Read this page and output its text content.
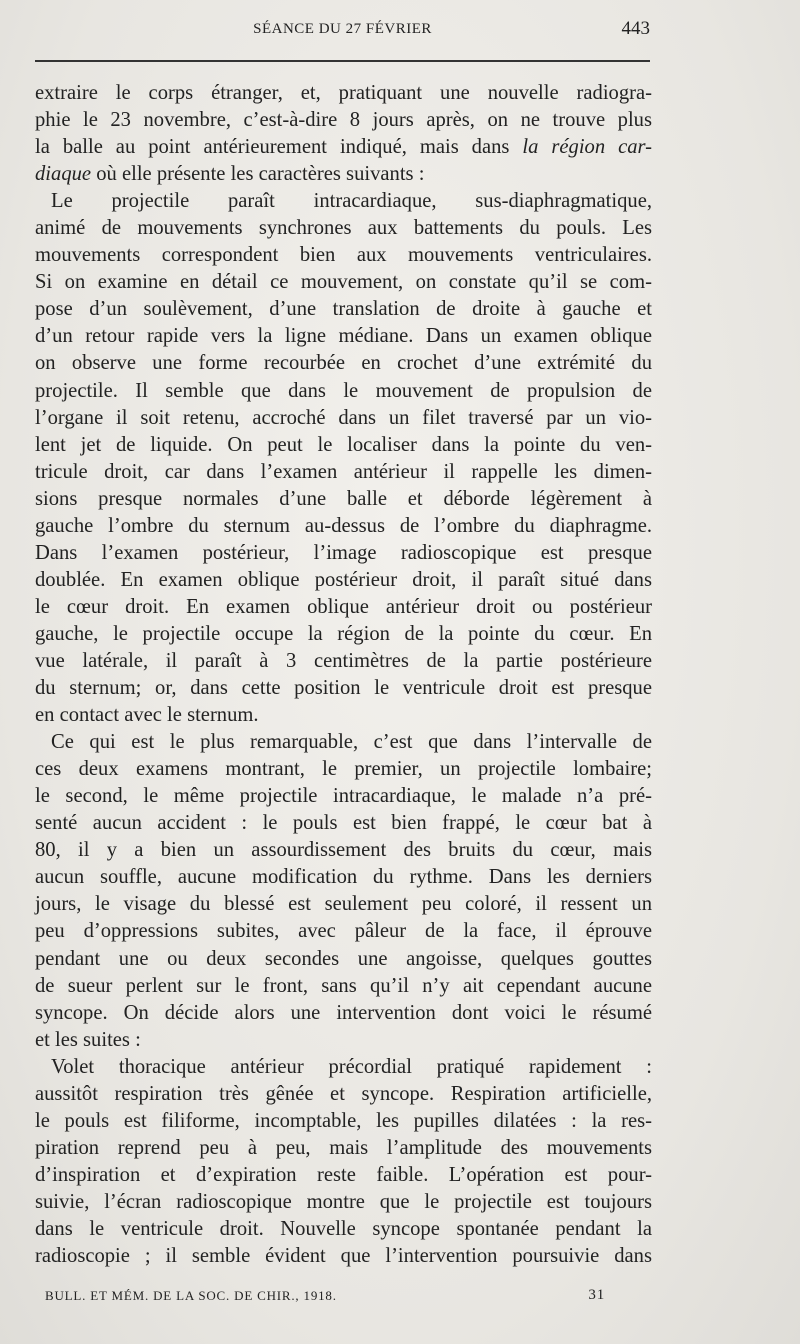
SÉANCE DU 27 FÉVRIER	443
extraire le corps étranger, et, pratiquant une nouvelle radiogra-
phie le 23 novembre, c’est-à-dire 8 jours après, on ne trouve plus
la balle au point antérieurement indiqué, mais dans la région car-
diaque où elle présente les caractères suivants :
Le projectile paraît intracardiaque, sus-diaphragmatique,
animé de mouvements synchrones aux battements du pouls. Les
mouvements correspondent bien aux mouvements ventriculaires.
Si on examine en détail ce mouvement, on constate qu’il se com-
pose d’un soulèvement, d’une translation de droite à gauche et
d’un retour rapide vers la ligne médiane. Dans un examen oblique
on observe une forme recourbée en crochet d’une extrémité du
projectile. Il semble que dans le mouvement de propulsion de
l’organe il soit retenu, accroché dans un filet traversé par un vio-
lent jet de liquide. On peut le localiser dans la pointe du ven-
tricule droit, car dans l’examen antérieur il rappelle les dimen-
sions presque normales d’une balle et déborde légèrement à
gauche l’ombre du sternum au-dessus de l’ombre du diaphragme.
Dans l’examen postérieur, l’image radioscopique est presque
doublée. En examen oblique postérieur droit, il paraît situé dans
le cœur droit. En examen oblique antérieur droit ou postérieur
gauche, le projectile occupe la région de la pointe du cœur. En
vue latérale, il paraît à 3 centimètres de la partie postérieure
du sternum; or, dans cette position le ventricule droit est presque
en contact avec le sternum.
Ce qui est le plus remarquable, c’est que dans l’intervalle de
ces deux examens montrant, le premier, un projectile lombaire;
le second, le même projectile intracardiaque, le malade n’a pré-
senté aucun accident : le pouls est bien frappé, le cœur bat à
80, il y a bien un assourdissement des bruits du cœur, mais
aucun souffle, aucune modification du rythme. Dans les derniers
jours, le visage du blessé est seulement peu coloré, il ressent un
peu d’oppressions subites, avec pâleur de la face, il éprouve
pendant une ou deux secondes une angoisse, quelques gouttes
de sueur perlent sur le front, sans qu’il n’y ait cependant aucune
syncope. On décide alors une intervention dont voici le résumé
et les suites :
Volet thoracique antérieur précordial pratiqué rapidement :
aussitôt respiration très gênée et syncope. Respiration artificielle,
le pouls est filiforme, incomptable, les pupilles dilatées : la res-
piration reprend peu à peu, mais l’amplitude des mouvements
d’inspiration et d’expiration reste faible. L’opération est pour-
suivie, l’écran radioscopique montre que le projectile est toujours
dans le ventricule droit. Nouvelle syncope spontanée pendant la
radioscopie ; il semble évident que l’intervention poursuivie dans
BULL. ET MÉM. DE LA SOC. DE CHIR., 1918.	31
